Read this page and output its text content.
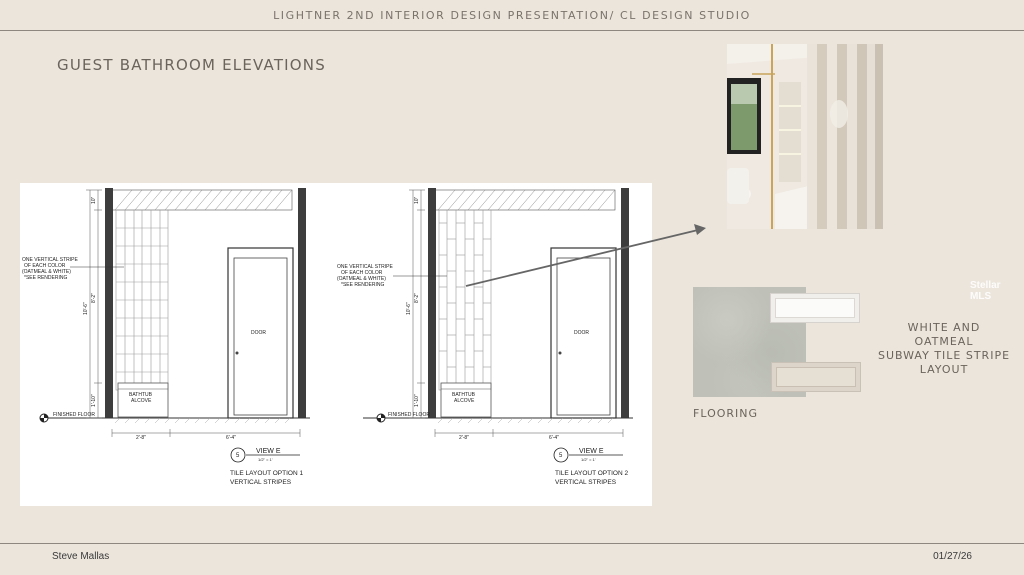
LIGHTNER 2ND INTERIOR DESIGN PRESENTATION/ CL DESIGN STUDIO
GUEST BATHROOM ELEVATIONS
10"
8'-2"
10'-6"
1'-10"
ONE VERTICAL STRIPE
OF EACH COLOR
(OATMEAL & WHITE)
*SEE RENDERING
DOOR
BATHTUB
ALCOVE
FINISHED FLOOR
2'-8"	6'-4"
5
VIEW E
1/2" = 1'
TILE LAYOUT OPTION 1
VERTICAL STRIPES
10"
8'-2"
10'-6"
1'-10"
ONE VERTICAL STRIPE
OF EACH COLOR
(OATMEAL & WHITE)
*SEE RENDERING
DOOR
BATHTUB
ALCOVE
FINISHED FLOOR
2'-8"	6'-4"
5
VIEW E
1/2" = 1'
TILE LAYOUT OPTION 2
VERTICAL STRIPES
FLOORING
WHITE AND OATMEAL
SUBWAY TILE STRIPE
LAYOUT
Stellar MLS
Steve Mallas	01/27/26
